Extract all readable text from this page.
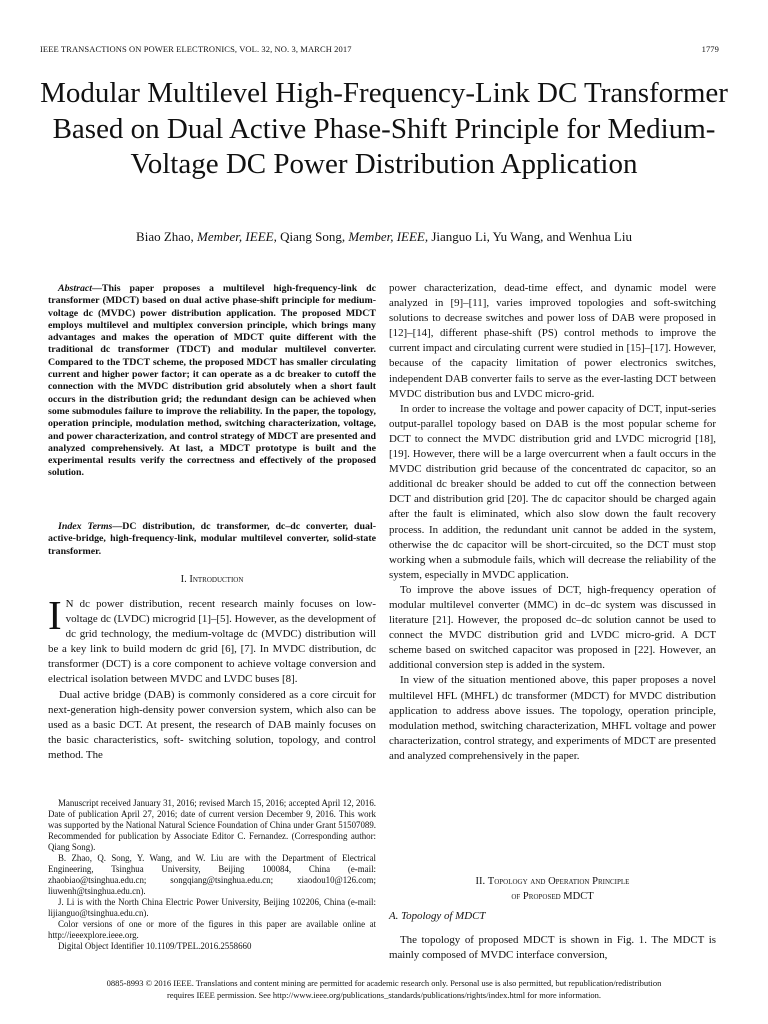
IEEE TRANSACTIONS ON POWER ELECTRONICS, VOL. 32, NO. 3, MARCH 2017	1779
Modular Multilevel High-Frequency-Link DC Transformer Based on Dual Active Phase-Shift Principle for Medium-Voltage DC Power Distribution Application
Biao Zhao, Member, IEEE, Qiang Song, Member, IEEE, Jianguo Li, Yu Wang, and Wenhua Liu
Abstract—This paper proposes a multilevel high-frequency-link dc transformer (MDCT) based on dual active phase-shift principle for medium-voltage dc (MVDC) power distribution application. The proposed MDCT employs multilevel and multiplex conversion principle, which brings many advantages and makes the operation of MDCT quite different with the traditional dc transformer (TDCT) and modular multilevel converter. Compared to the TDCT scheme, the proposed MDCT has smaller circulating current and higher power factor; it can operate as a dc breaker to cutoff the connection with the MVDC distribution grid absolutely when a short fault occurs in the distribution grid; the redundant design can be achieved when some submodules failure to improve the reliability. In the paper, the topology, operation principle, modulation method, switching characterization, voltage, and power characterization, and control strategy of MDCT are presented and analyzed comprehensively. At last, a MDCT prototype is built and the experimental results verify the correctness and effectively of the proposed solution.
Index Terms—DC distribution, dc transformer, dc–dc converter, dual-active-bridge, high-frequency-link, modular multilevel converter, solid-state transformer.
I. Introduction

I N dc power distribution, recent research mainly focuses on low-voltage dc (LVDC) microgrid [1]–[5]. However, as the development of dc grid technology, the medium-voltage dc (MVDC) distribution will be a key link to build modern dc grid [6], [7]. In MVDC distribution, dc transformer (DCT) is a core component to achieve voltage conversion and electrical isolation between MVDC and LVDC buses [8].

Dual active bridge (DAB) is commonly considered as a core circuit for next-generation high-density power conversion system, which also can be used as a basic DCT. At present, the research of DAB mainly focuses on the basic characteristics, soft- switching solution, topology, and control method. The

Manuscript received January 31, 2016; revised March 15, 2016; accepted April 12, 2016. Date of publication April 27, 2016; date of current version December 9, 2016. This work was supported by the National Natural Science Foundation of China under Grant 51507089. Recommended for publication by Associate Editor C. Fernandez. (Corresponding author: Qiang Song).

B. Zhao, Q. Song, Y. Wang, and W. Liu are with the Department of Electrical Engineering, Tsinghua University, Beijing 100084, China (e-mail: zhaobiao@tsinghua.edu.cn; songqiang@tsinghua.edu.cn; xiaodou10@126.com; liuwenh@tsinghua.edu.cn).

J. Li is with the North China Electric Power University, Beijing 102206, China (e-mail: lijianguo@tsinghua.edu.cn).

Color versions of one or more of the figures in this paper are available online at http://ieeexplore.ieee.org.

Digital Object Identifier 10.1109/TPEL.2016.2558660

power characterization, dead-time effect, and dynamic model were analyzed in [9]–[11], varies improved topologies and soft-switching solutions to decrease switches and power loss of DAB were proposed in [12]–[14], different phase-shift (PS) control methods to improve the current impact and circulating current were studied in [15]–[17]. However, because of the capacity limitation of power electronics switches, independent DAB converter fails to serve as the ever-lasting DCT between MVDC distribution bus and LVDC micro-grid.

In order to increase the voltage and power capacity of DCT, input-series output-parallel topology based on DAB is the most popular scheme for DCT to connect the MVDC distribution grid and LVDC microgrid [18], [19]. However, there will be a large overcurrent when a fault occurs in the MVDC distribution grid because of the concentrated dc capacitor, so an additional dc breaker should be added to cut off the connection between DCT and distribution grid [20]. The dc capacitor should be charged again after the fault is eliminated, which also slow down the fault recovery process. In addition, the redundant unit cannot be added in the system, otherwise the dc capacitor will be short-circuited, so the DCT must stop working when a submodule fails, which will decrease the reliability of the system, especially in MVDC application.

To improve the above issues of DCT, high-frequency operation of modular multilevel converter (MMC) in dc–dc system was discussed in literature [21]. However, the proposed dc–dc solution cannot be used to connect the MVDC distribution grid and LVDC micro-grid. A DCT scheme based on switched capacitor was proposed in [22]. However, an additional conversion step is added in the system.

In view of the situation mentioned above, this paper proposes a novel multilevel HFL (MHFL) dc transformer (MDCT) for MVDC distribution application to address above issues. The topology, operation principle, modulation method, switching characterization, MHFL voltage and power characterization, control strategy, and experiments of MDCT are presented and analyzed comprehensively in the paper.

II. Topology and Operation Principle
of Proposed MDCT
A. Topology of MDCT

The topology of proposed MDCT is shown in Fig. 1. The MDCT is mainly composed of MVDC interface conversion,

0885-8993 © 2016 IEEE. Translations and content mining are permitted for academic research only. Personal use is also permitted, but republication/redistribution
requires IEEE permission. See http://www.ieee.org/publications_standards/publications/rights/index.html for more information.
